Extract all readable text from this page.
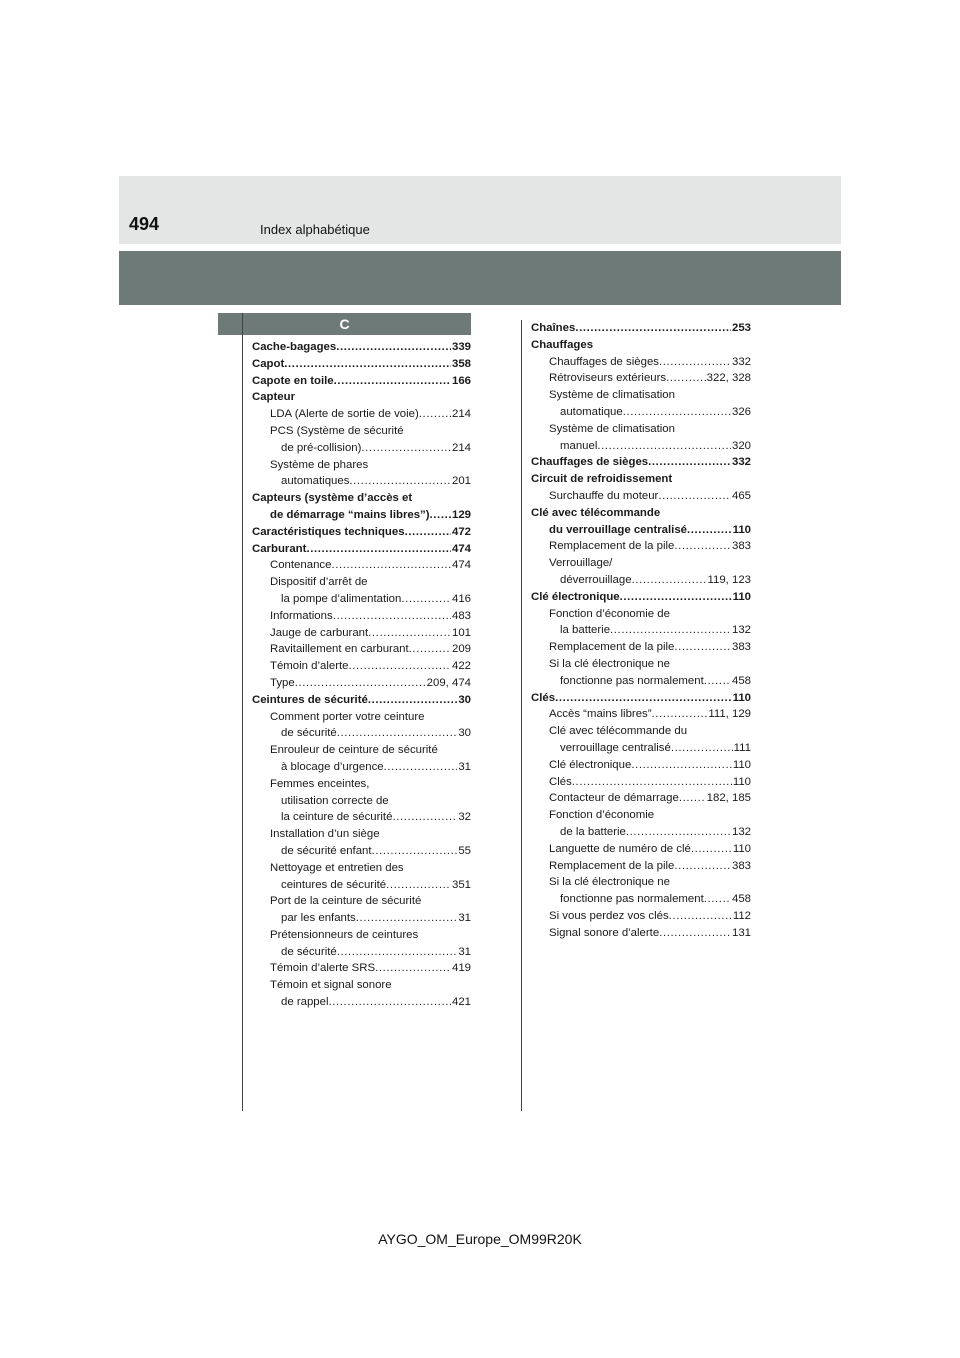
494	Index alphabétique
C
Cache-bagages .....	339
Capot .....	358
Capote en toile .....	166
Capteur
LDA (Alerte de sortie de voie) .....	214
PCS (Système de sécurité
de pré-collision) .....	214
Système de phares
automatiques .....	201
Capteurs (système d’accès et
de démarrage “mains libres”) ..... 129
Caractéristiques techniques .....	472
Carburant .....	474
Contenance .....	474
Dispositif d’arrêt de
la pompe d’alimentation .....	416
Informations .....	483
Jauge de carburant .....	101
Ravitaillement en carburant .....	209
Témoin d’alerte .....	422
Type .....	209, 474
Ceintures de sécurité .....	30
Comment porter votre ceinture
de sécurité .....	30
Enrouleur de ceinture de sécurité
à blocage d’urgence .....	31
Femmes enceintes,
utilisation correcte de
la ceinture de sécurité .....	32
Installation d’un siège
de sécurité enfant .....	55
Nettoyage et entretien des
ceintures de sécurité .....	351
Port de la ceinture de sécurité
par les enfants .....	31
Prétensionneurs de ceintures
de sécurité .....	31
Témoin d’alerte SRS .....	419
Témoin et signal sonore
de rappel .....	421
Chaînes .....	253
Chauffages
Chauffages de sièges .....	332
Rétroviseurs extérieurs .....	322, 328
Système de climatisation
automatique .....	326
Système de climatisation
manuel .....	320
Chauffages de sièges .....	332
Circuit de refroidissement
Surchauffe du moteur .....	465
Clé avec télécommande
du verrouillage centralisé .....	110
Remplacement de la pile .....	383
Verrouillage/
déverrouillage .....	119, 123
Clé électronique .....	110
Fonction d’économie de
la batterie .....	132
Remplacement de la pile .....	383
Si la clé électronique ne
fonctionne pas normalement ..... 458
Clés .....	110
Accès “mains libres” .....	111, 129
Clé avec télécommande du
verrouillage centralisé .....	111
Clé électronique .....	110
Clés .....	110
Contacteur de démarrage ..... 182, 185
Fonction d’économie
de la batterie .....	132
Languette de numéro de clé .....	110
Remplacement de la pile .....	383
Si la clé électronique ne
fonctionne pas normalement ..... 458
Si vous perdez vos clés .....	112
Signal sonore d’alerte .....	131
AYGO_OM_Europe_OM99R20K
